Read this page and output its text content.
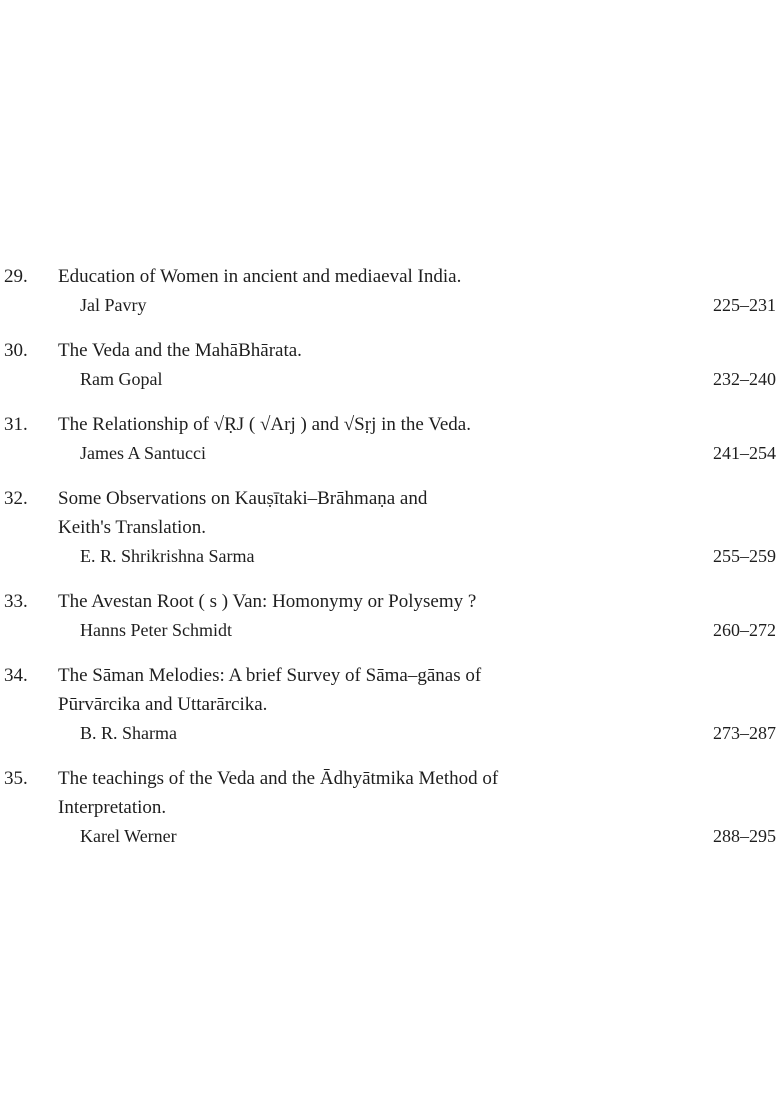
29.	Education of Women in ancient and mediaeval India.
Jal Pavry	225–231
30.	The Veda and the MahāBhārata.
Ram Gopal	232–240
31.	The Relationship of √ṚJ ( √Arj ) and √Sṛj in the Veda.
James A Santucci	241–254
32.	Some Observations on Kauṣītaki–Brāhmaṇa and
Keith's Translation.
E. R. Shrikrishna Sarma	255–259
33.	The Avestan Root ( s ) Van: Homonymy or Polysemy ?
Hanns Peter Schmidt	260–272
34.	The Sāman Melodies: A brief Survey of Sāma–gānas of
Pūrvārcika and Uttarārcika.
B. R. Sharma	273–287
35.	The teachings of the Veda and the Ādhyātmika Method of
Interpretation.
Karel Werner	288–295
